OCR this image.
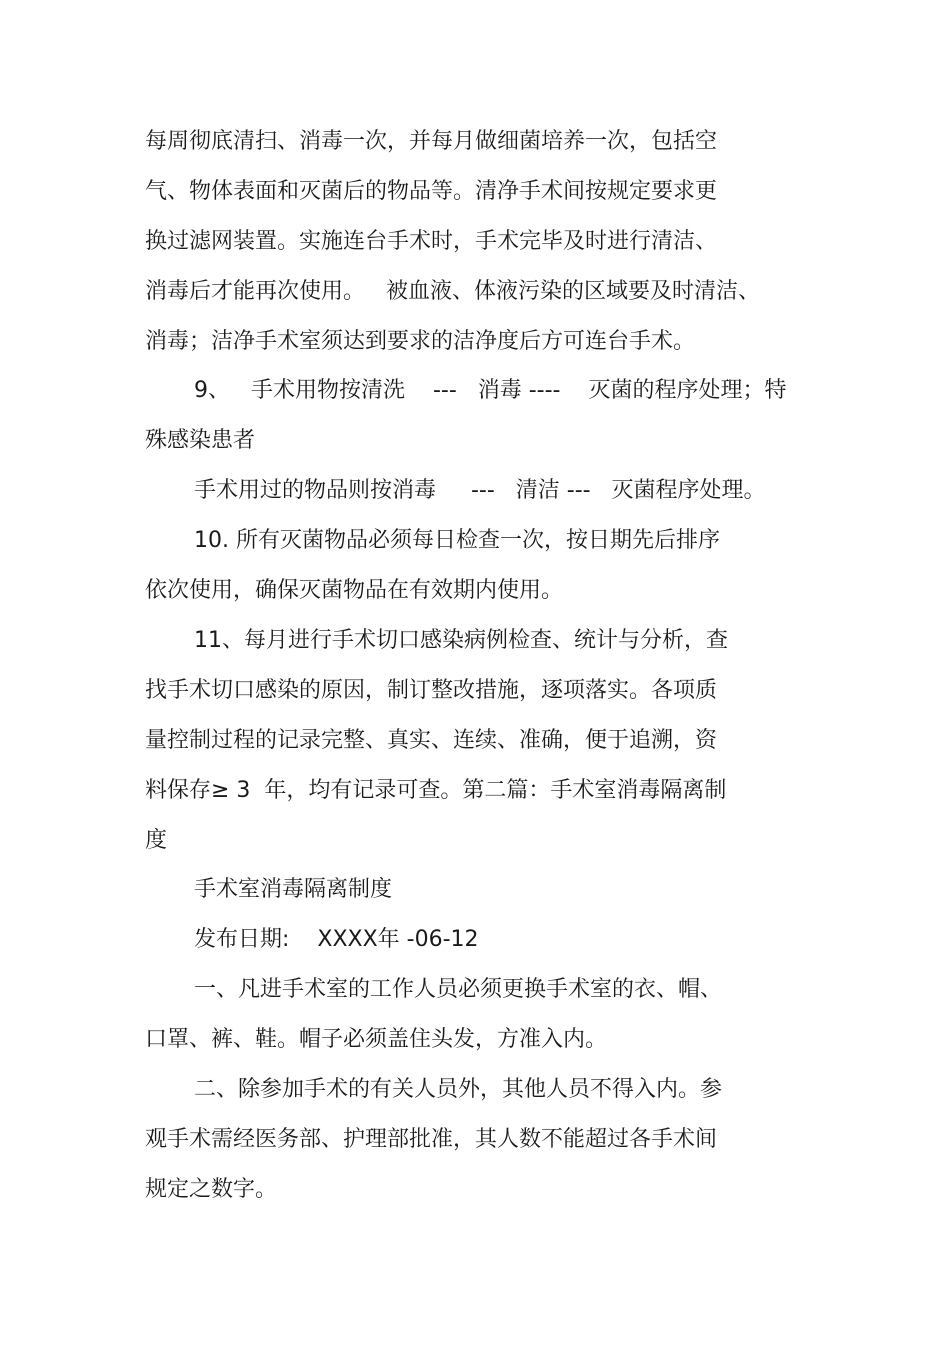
每周彻底清扫、消毒一次，并每月做细菌培养一次，包括空
气、物体表面和灭菌后的物品等。清净手术间按规定要求更
换过滤网装置。实施连台手术时，手术完毕及时进行清洁、
消毒后才能再次使用。   被血液、体液污染的区域要及时清洁、
消毒；洁净手术室须达到要求的洁净度后方可连台手术。
9、   手术用物按清洗    ---   消毒 ----    灭菌的程序处理；特
殊感染患者
手术用过的物品则按消毒     ---   清洁 ---   灭菌程序处理。
10. 所有灭菌物品必须每日检查一次，按日期先后排序
依次使用，确保灭菌物品在有效期内使用。
11、每月进行手术切口感染病例检查、统计与分析，查
找手术切口感染的原因，制订整改措施，逐项落实。各项质
量控制过程的记录完整、真实、连续、准确，便于追溯，资
料保存≥ 3  年，均有记录可查。第二篇：手术室消毒隔离制
度
手术室消毒隔离制度
发布日期:    XXXX年 -06-12
一、凡进手术室的工作人员必须更换手术室的衣、帽、
口罩、裤、鞋。帽子必须盖住头发，方准入内。
二、除参加手术的有关人员外，其他人员不得入内。参
观手术需经医务部、护理部批准，其人数不能超过各手术间
规定之数字。
